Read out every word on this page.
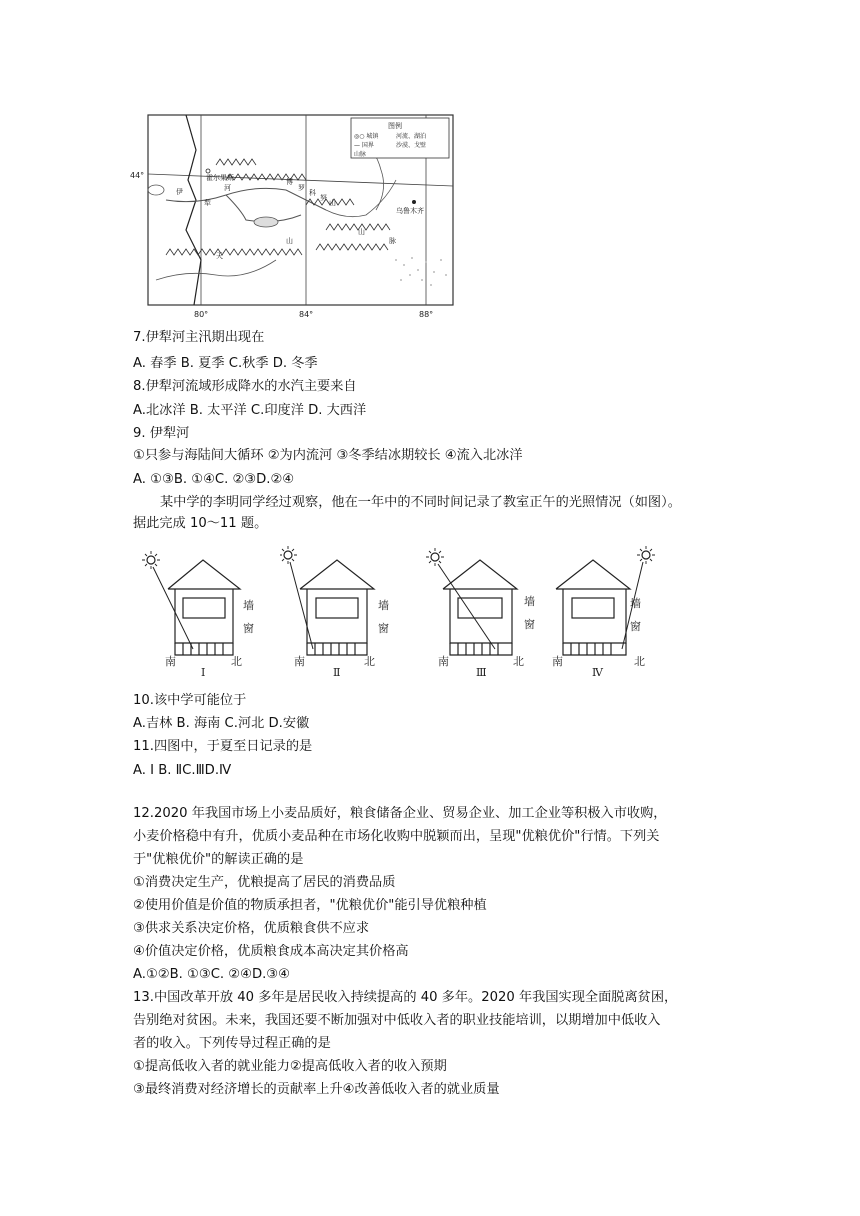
图例
◎○ 城镇	河流、湖泊
— 国界	沙漠、戈壁
山脉
44°
80°	84°	88°
霍尔果斯
乌鲁木齐
伊
犁
河
博
罗
科
努
山
天
山
山
脉
7.伊犁河主汛期出现在
A. 春季 B. 夏季 C.秋季 D. 冬季
8.伊犁河流域形成降水的水汽主要来自
A.北冰洋 B. 太平洋 C.印度洋 D. 大西洋
9. 伊犁河
①只参与海陆间大循环 ②为内流河 ③冬季结冰期较长 ④流入北冰洋
A. ①③B. ①④C. ②③D.②④
某中学的李明同学经过观察，他在一年中的不同时间记录了教室正午的光照情况（如图）。
据此完成 10～11 题。
墙
窗
南	北
Ⅰ
墙
窗
南	北
Ⅱ
墙
窗
南	北
Ⅲ
墙
窗
南	北
Ⅳ
10.该中学可能位于
A.吉林 B. 海南 C.河北 D.安徽
11.四图中，于夏至日记录的是
A. Ⅰ B. ⅡC.ⅢD.Ⅳ
12.2020 年我国市场上小麦品质好，粮食储备企业、贸易企业、加工企业等积极入市收购，
小麦价格稳中有升，优质小麦品种在市场化收购中脱颖而出，呈现"优粮优价"行情。下列关
于"优粮优价"的解读正确的是
①消费决定生产，优粮提高了居民的消费品质
②使用价值是价值的物质承担者，"优粮优价"能引导优粮种植
③供求关系决定价格，优质粮食供不应求
④价值决定价格，优质粮食成本高决定其价格高
A.①②B. ①③C. ②④D.③④
13.中国改革开放 40 多年是居民收入持续提高的 40 多年。2020 年我国实现全面脱离贫困，
告别绝对贫困。未来，我国还要不断加强对中低收入者的职业技能培训，以期增加中低收入
者的收入。下列传导过程正确的是
①提高低收入者的就业能力②提高低收入者的收入预期
③最终消费对经济增长的贡献率上升④改善低收入者的就业质量
